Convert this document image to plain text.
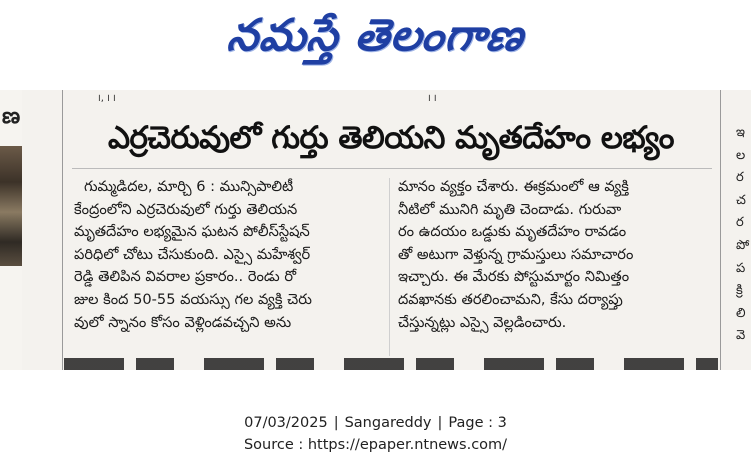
నమస్తే తెలంగాణ
ణ
౹, ౹ ౹	౹ ౹
ఎర్రచెరువులో గుర్తు తెలియని మృతదేహం లభ్యం
గుమ్మడిదల, మార్చి 6 : మున్సిపాలిటీ
కేంద్రంలోని ఎర్రచెరువులో గుర్తు తెలియన
మృతదేహం లభ్యమైన ఘటన పోలీస్‌స్టేషన్
పరిధిలో చోటు చేసుకుంది. ఎస్సై మహేశ్వర్
రెడ్డి తెలిపిన వివరాల ప్రకారం.. రెండు రో
జుల కింద 50-55 వయస్సు గల వ్యక్తి చెరు
వులో స్నానం కోసం వెళ్లిండవచ్చని అను
మానం వ్యక్తం చేశారు. ఈక్రమంలో ఆ వ్యక్తి
నీటిలో మునిగి మృతి చెందాడు. గురువా
రం ఉదయం ఒడ్డుకు మృతదేహం రావడం
తో అటుగా వెళ్తున్న గ్రామస్తులు సమాచారం
ఇచ్చారు. ఈ మేరకు పోస్టుమార్టం నిమిత్తం
దవఖానకు తరలించామని, కేసు దర్యాప్తు
చేస్తున్నట్లు ఎస్సై వెల్లడించారు.
ఇ
ల
ర
చ
ర
పో
ప
క్రి
లి
వె
07/03/2025 | Sangareddy | Page : 3
Source : https://epaper.ntnews.com/
